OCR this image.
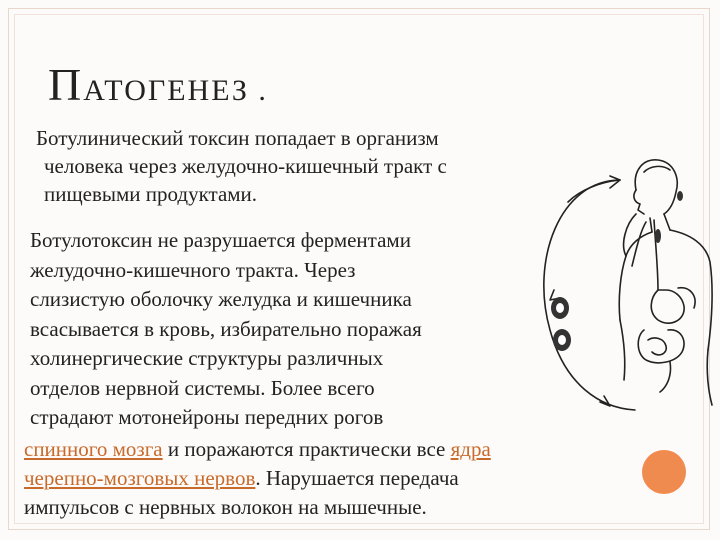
ПАТОГЕНЕЗ .

Ботулинический токсин попадает в организм
человека через желудочно-кишечный тракт с
пищевыми продуктами.

Ботулотоксин не разрушается ферментами
желудочно-кишечного тракта. Через
слизистую оболочку желудка и кишечника
всасывается в кровь, избирательно поражая
холинергические структуры различных
отделов нервной системы. Более всего
страдают мотонейроны передних рогов

спинного мозга и поражаются практически все ядра
черепно-мозговых нервов. Нарушается передача
импульсов с нервных волокон на мышечные.
